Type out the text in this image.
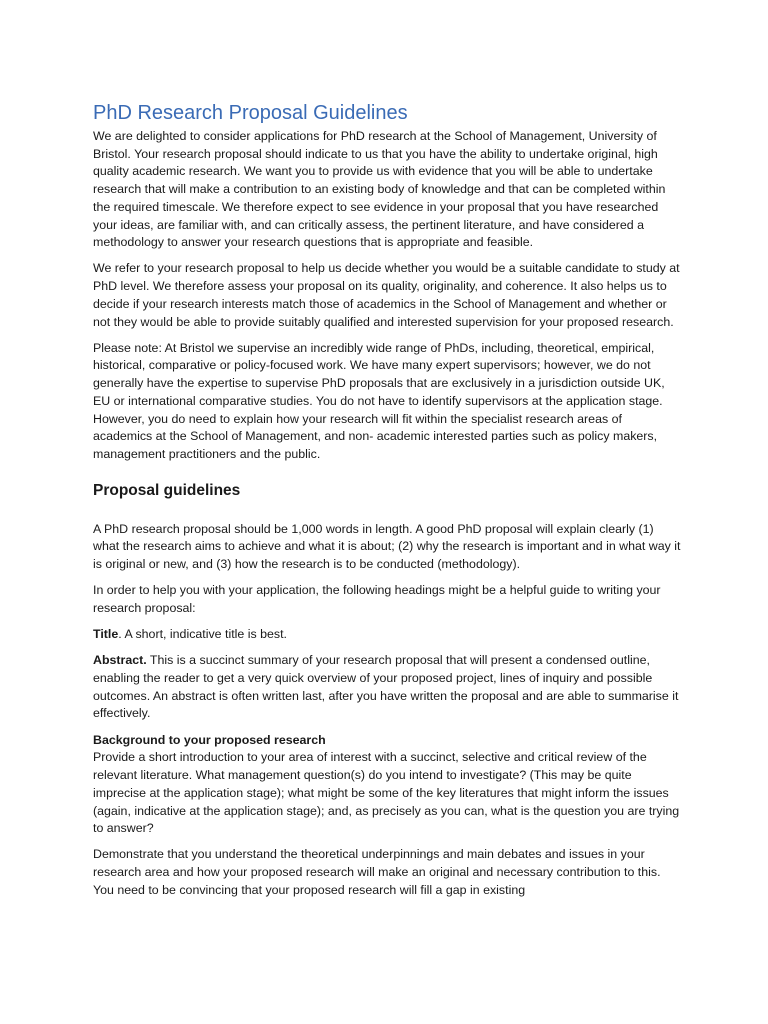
PhD Research Proposal Guidelines

We are delighted to consider applications for PhD research at the School of Management, University of Bristol. Your research proposal should indicate to us that you have the ability to undertake original, high quality academic research. We want you to provide us with evidence that you will be able to undertake research that will make a contribution to an existing body of knowledge and that can be completed within the required timescale. We therefore expect to see evidence in your proposal that you have researched your ideas, are familiar with, and can critically assess, the pertinent literature, and have considered a methodology to answer your research questions that is appropriate and feasible.

We refer to your research proposal to help us decide whether you would be a suitable candidate to study at PhD level. We therefore assess your proposal on its quality, originality, and coherence. It also helps us to decide if your research interests match those of academics in the School of Management and whether or not they would be able to provide suitably qualified and interested supervision for your proposed research.

Please note: At Bristol we supervise an incredibly wide range of PhDs, including, theoretical, empirical, historical, comparative or policy-focused work. We have many expert supervisors; however, we do not generally have the expertise to supervise PhD proposals that are exclusively in a jurisdiction outside UK, EU or international comparative studies. You do not have to identify supervisors at the application stage. However, you do need to explain how your research will fit within the specialist research areas of academics at the School of Management, and non- academic interested parties such as policy makers, management practitioners and the public.

Proposal guidelines

A PhD research proposal should be 1,000 words in length. A good PhD proposal will explain clearly (1) what the research aims to achieve and what it is about; (2) why the research is important and in what way it is original or new, and (3) how the research is to be conducted (methodology).

In order to help you with your application, the following headings might be a helpful guide to writing your research proposal:

Title. A short, indicative title is best.

Abstract. This is a succinct summary of your research proposal that will present a condensed outline, enabling the reader to get a very quick overview of your proposed project, lines of inquiry and possible outcomes. An abstract is often written last, after you have written the proposal and are able to summarise it effectively.

Background to your proposed research
Provide a short introduction to your area of interest with a succinct, selective and critical review of the relevant literature. What management question(s) do you intend to investigate? (This may be quite imprecise at the application stage); what might be some of the key literatures that might inform the issues (again, indicative at the application stage); and, as precisely as you can, what is the question you are trying to answer?

Demonstrate that you understand the theoretical underpinnings and main debates and issues in your research area and how your proposed research will make an original and necessary contribution to this. You need to be convincing that your proposed research will fill a gap in existing
